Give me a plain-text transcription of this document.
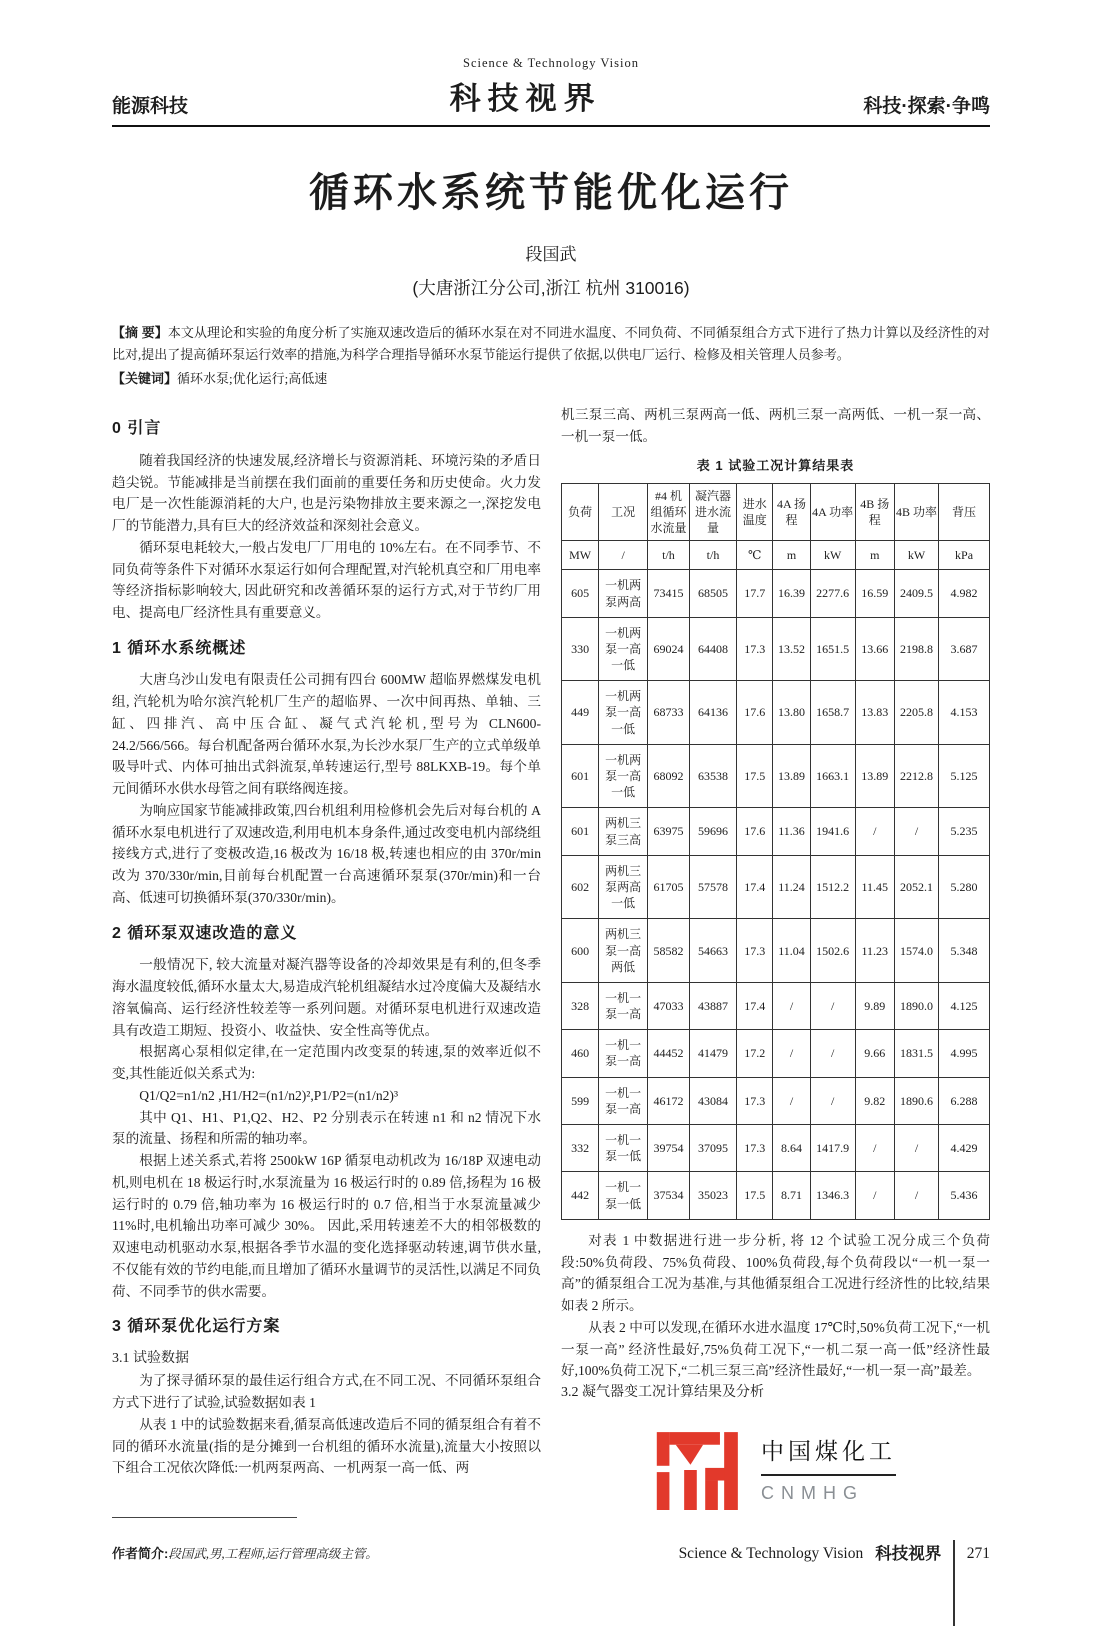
Science & Technology Vision
能源科技	科技视界	科技·探索·争鸣
循环水系统节能优化运行
段国武
(大唐浙江分公司,浙江 杭州 310016)

【摘 要】本文从理论和实验的角度分析了实施双速改造后的循环水泵在对不同进水温度、不同负荷、不同循泵组合方式下进行了热力计算以及经济性的对比对,提出了提高循环泵运行效率的措施,为科学合理指导循环水泵节能运行提供了依据,以供电厂运行、检修及相关管理人员参考。

【关键词】循环水泵;优化运行;高低速

0 引言

随着我国经济的快速发展,经济增长与资源消耗、环境污染的矛盾日趋尖锐。节能减排是当前摆在我们面前的重要任务和历史使命。火力发电厂是一次性能源消耗的大户, 也是污染物排放主要来源之一,深挖发电厂的节能潜力,具有巨大的经济效益和深刻社会意义。

循环泵电耗较大,一般占发电厂厂用电的 10%左右。在不同季节、不同负荷等条件下对循环水泵运行如何合理配置,对汽轮机真空和厂用电率等经济指标影响较大, 因此研究和改善循环泵的运行方式,对于节约厂用电、提高电厂经济性具有重要意义。

1 循环水系统概述

大唐乌沙山发电有限责任公司拥有四台 600MW 超临界燃煤发电机组, 汽轮机为哈尔滨汽轮机厂生产的超临界、一次中间再热、单轴、三缸、四排汽、高中压合缸、凝气式汽轮机,型号为 CLN600-24.2/566/566。每台机配备两台循环水泵,为长沙水泵厂生产的立式单级单吸导叶式、内体可抽出式斜流泵,单转速运行,型号 88LKXB-19。每个单元间循环水供水母管之间有联络阀连接。

为响应国家节能减排政策,四台机组利用检修机会先后对每台机的 A 循环水泵电机进行了双速改造,利用电机本身条件,通过改变电机内部绕组接线方式,进行了变极改造,16 极改为 16/18 极,转速也相应的由 370r/min 改为 370/330r/min,目前每台机配置一台高速循环泵泵(370r/min)和一台高、低速可切换循环泵(370/330r/min)。

2 循环泵双速改造的意义

一般情况下, 较大流量对凝汽器等设备的冷却效果是有利的,但冬季海水温度较低,循环水量太大,易造成汽轮机组凝结水过冷度偏大及凝结水溶氧偏高、运行经济性较差等一系列问题。对循环泵电机进行双速改造具有改造工期短、投资小、收益快、安全性高等优点。

根据离心泵相似定律,在一定范围内改变泵的转速,泵的效率近似不变,其性能近似关系式为:

Q1/Q2=n1/n2 ,H1/H2=(n1/n2)²,P1/P2=(n1/n2)³

其中 Q1、H1、P1,Q2、H2、P2 分别表示在转速 n1 和 n2 情况下水泵的流量、扬程和所需的轴功率。

根据上述关系式,若将 2500kW 16P 循泵电动机改为 16/18P 双速电动机,则电机在 18 极运行时,水泵流量为 16 极运行时的 0.89 倍,扬程为 16 极运行时的 0.79 倍,轴功率为 16 极运行时的 0.7 倍,相当于水泵流量减少 11%时,电机输出功率可减少 30%。 因此,采用转速差不大的相邻极数的双速电动机驱动水泵,根据各季节水温的变化选择驱动转速,调节供水量,不仅能有效的节约电能,而且增加了循环水量调节的灵活性,以满足不同负荷、不同季节的供水需要。

3 循环泵优化运行方案

3.1 试验数据

为了探寻循环泵的最佳运行组合方式,在不同工况、不同循环泵组合方式下进行了试验,试验数据如表 1

从表 1 中的试验数据来看,循泵高低速改造后不同的循泵组合有着不同的循环水流量(指的是分摊到一台机组的循环水流量),流量大小按照以下组合工况依次降低:一机两泵两高、一机两泵一高一低、两

作者简介:段国武,男,工程师,运行管理高级主管。

机三泵三高、两机三泵两高一低、两机三泵一高两低、一机一泵一高、一机一泵一低。

表 1 试验工况计算结果表
负荷	工况	#4 机组循环水流量	凝汽器进水流量	进水温度	4A 扬程	4A 功率	4B 扬程	4B 功率	背压
MW	/	t/h	t/h	℃	m	kW	m	kW	kPa
605	一机两泵两高	73415	68505	17.7	16.39	2277.6	16.59	2409.5	4.982
330	一机两泵一高一低	69024	64408	17.3	13.52	1651.5	13.66	2198.8	3.687
449	一机两泵一高一低	68733	64136	17.6	13.80	1658.7	13.83	2205.8	4.153
601	一机两泵一高一低	68092	63538	17.5	13.89	1663.1	13.89	2212.8	5.125
601	两机三泵三高	63975	59696	17.6	11.36	1941.6	/	/	5.235
602	两机三泵两高一低	61705	57578	17.4	11.24	1512.2	11.45	2052.1	5.280
600	两机三泵一高两低	58582	54663	17.3	11.04	1502.6	11.23	1574.0	5.348
328	一机一泵一高	47033	43887	17.4	/	/	9.89	1890.0	4.125
460	一机一泵一高	44452	41479	17.2	/	/	9.66	1831.5	4.995
599	一机一泵一高	46172	43084	17.3	/	/	9.82	1890.6	6.288
332	一机一泵一低	39754	37095	17.3	8.64	1417.9	/	/	4.429
442	一机一泵一低	37534	35023	17.5	8.71	1346.3	/	/	5.436

对表 1 中数据进行进一步分析, 将 12 个试验工况分成三个负荷段:50%负荷段、75%负荷段、100%负荷段,每个负荷段以“一机一泵一高”的循泵组合工况为基准,与其他循泵组合工况进行经济性的比较,结果如表 2 所示。

从表 2 中可以发现,在循环水进水温度 17℃时,50%负荷工况下,“一机一泵一高” 经济性最好,75%负荷工况下,“一机二泵一高一低”经济性最好,100%负荷工况下,“二机三泵三高”经济性最好,“一机一泵一高”最差。

3.2 凝气器变工况计算结果及分析

中国煤化工
CNMHG
Science & Technology Vision 科技视界 271
